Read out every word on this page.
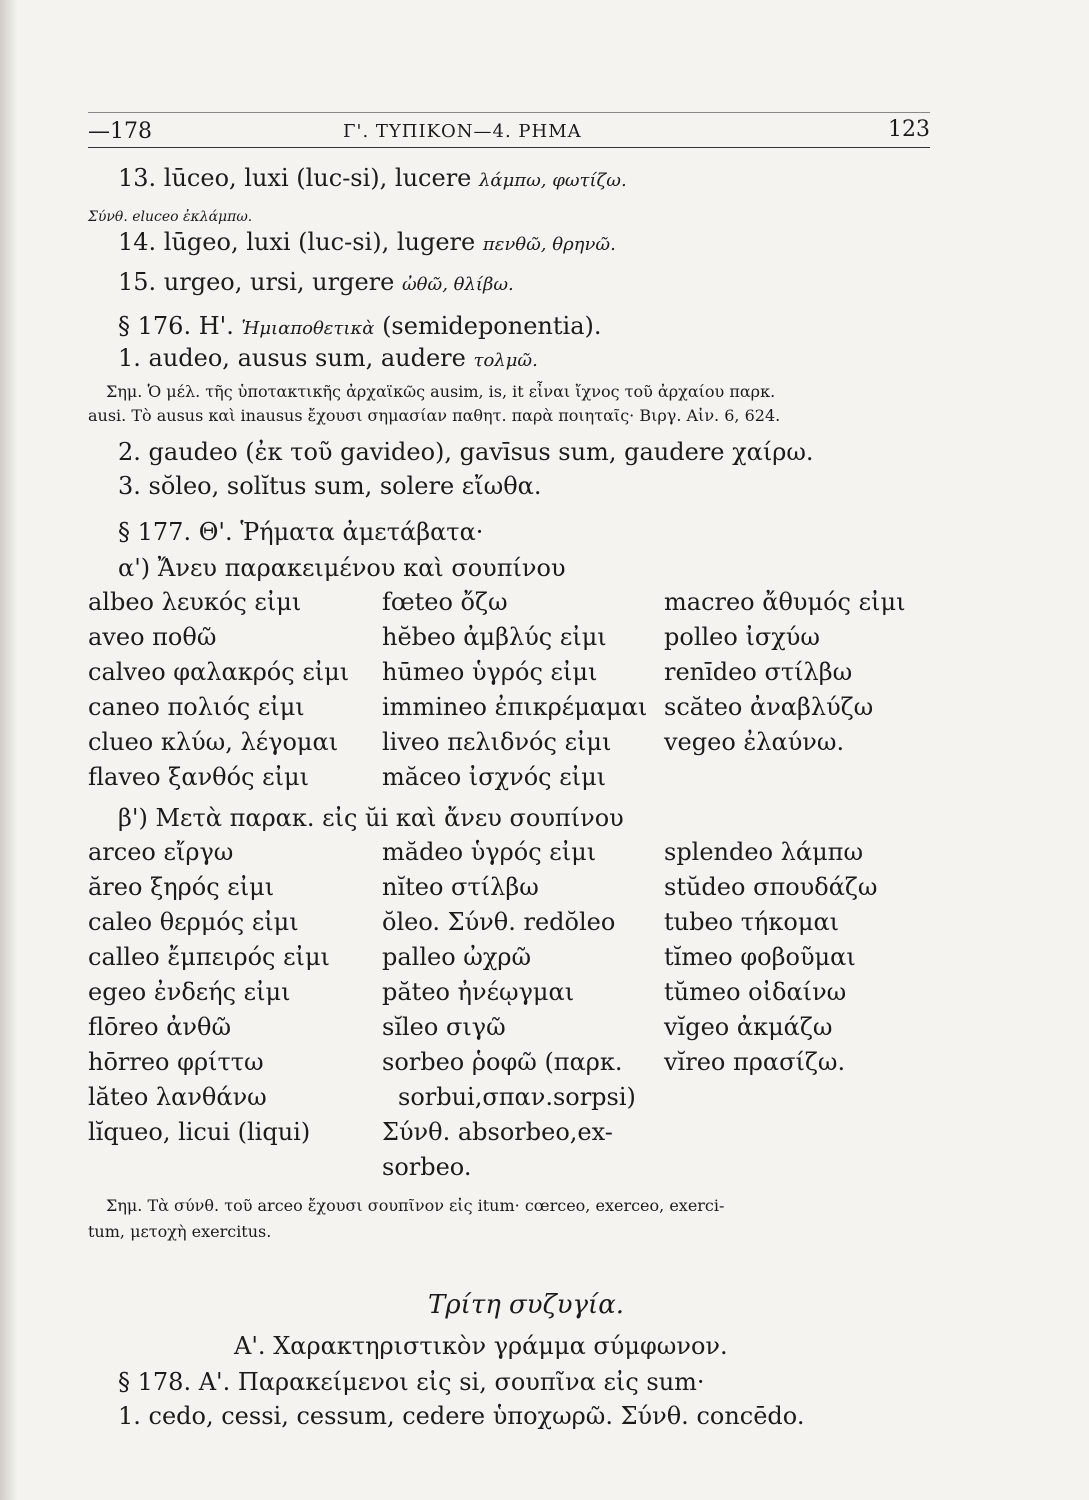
—178	Γ'. ΤΥΠΙΚΟΝ—4. ΡΗΜΑ	123
13. lūceo, luxi (luc-si), lucere λάμπω, φωτίζω.
Σύνθ. eluceo ἐκλάμπω.
14. lūgeo, luxi (luc-si), lugere πενθῶ, θρηνῶ.
15. urgeo, ursi, urgere ὠθῶ, θλίβω.
§ 176. Η'. Ἡμιαποθετικὰ (semideponentia).
1. audeo, ausus sum, audere τολμῶ.
Σημ. Ὁ μέλ. τῆς ὑποτακτικῆς ἀρχαϊκῶς ausim, is, it εἶναι ἴχνος τοῦ ἀρχαίου παρκ.
ausi. Τὸ ausus καὶ inausus ἔχουσι σημασίαν παθητ. παρὰ ποιηταῖς· Βιργ. Αἰν. 6, 624.
2. gaudeo (ἐκ τοῦ gavideo), gavīsus sum, gaudere χαίρω.
3. sŏleo, solĭtus sum, solere εἴωθα.
§ 177. Θ'. Ῥήματα ἀμετάβατα·
α') Ἄνευ παρακειμένου καὶ σουπίνου
albeo λευκός εἰμι
aveo ποθῶ
calveo φαλακρός εἰμι
caneo πολιός εἰμι
clueo κλύω, λέγομαι
flaveo ξανθός εἰμι
fœteo ὄζω
hĕbeo ἀμβλύς εἰμι
hūmeo ὑγρός εἰμι
immineo ἐπικρέμαμαι
liveo πελιδνός εἰμι
măceo ἰσχνός εἰμι
macreo ἄθυμός εἰμι
polleo ἰσχύω
renīdeo στίλβω
scăteo ἀναβλύζω
vegeo ἐλαύνω.
β') Μετὰ παρακ. εἰς ŭi καὶ ἄνευ σουπίνου
arceo εἴργω
ăreo ξηρός εἰμι
caleo θερμός εἰμι
calleo ἔμπειρός εἰμι
egeo ἐνδεής εἰμι
flōreo ἀνθῶ
hōrreo φρίττω
lăteo λανθάνω
lĭqueo, licui (liqui)
mădeo ὑγρός εἰμι
nĭteo στίλβω
ŏleo. Σύνθ. redŏleo
palleo ὠχρῶ
păteo ἠνέῳγμαι
sĭleo σιγῶ
sorbeo ῥοφῶ (παρκ.
sorbui,σπαν.sorpsi)
Σύνθ. absorbeo,ex-
sorbeo.
splendeo λάμπω
stŭdeo σπουδάζω
tubeo τήκομαι
tĭmeo φοβοῦμαι
tŭmeo οἰδαίνω
vĭgeo ἀκμάζω
vĭreo πρασίζω.
Σημ. Τὰ σύνθ. τοῦ arceo ἔχουσι σουπῖνον εἰς itum· cœrceo, exerceo, exerci-
tum, μετοχὴ exercitus.
Τρίτη συζυγία.
Α'. Χαρακτηριστικὸν γράμμα σύμφωνον.
§ 178. Α'. Παρακείμενοι εἰς si, σουπῖνα εἰς sum·
1. cedo, cessi, cessum, cedere ὑποχωρῶ. Σύνθ. concēdo.
